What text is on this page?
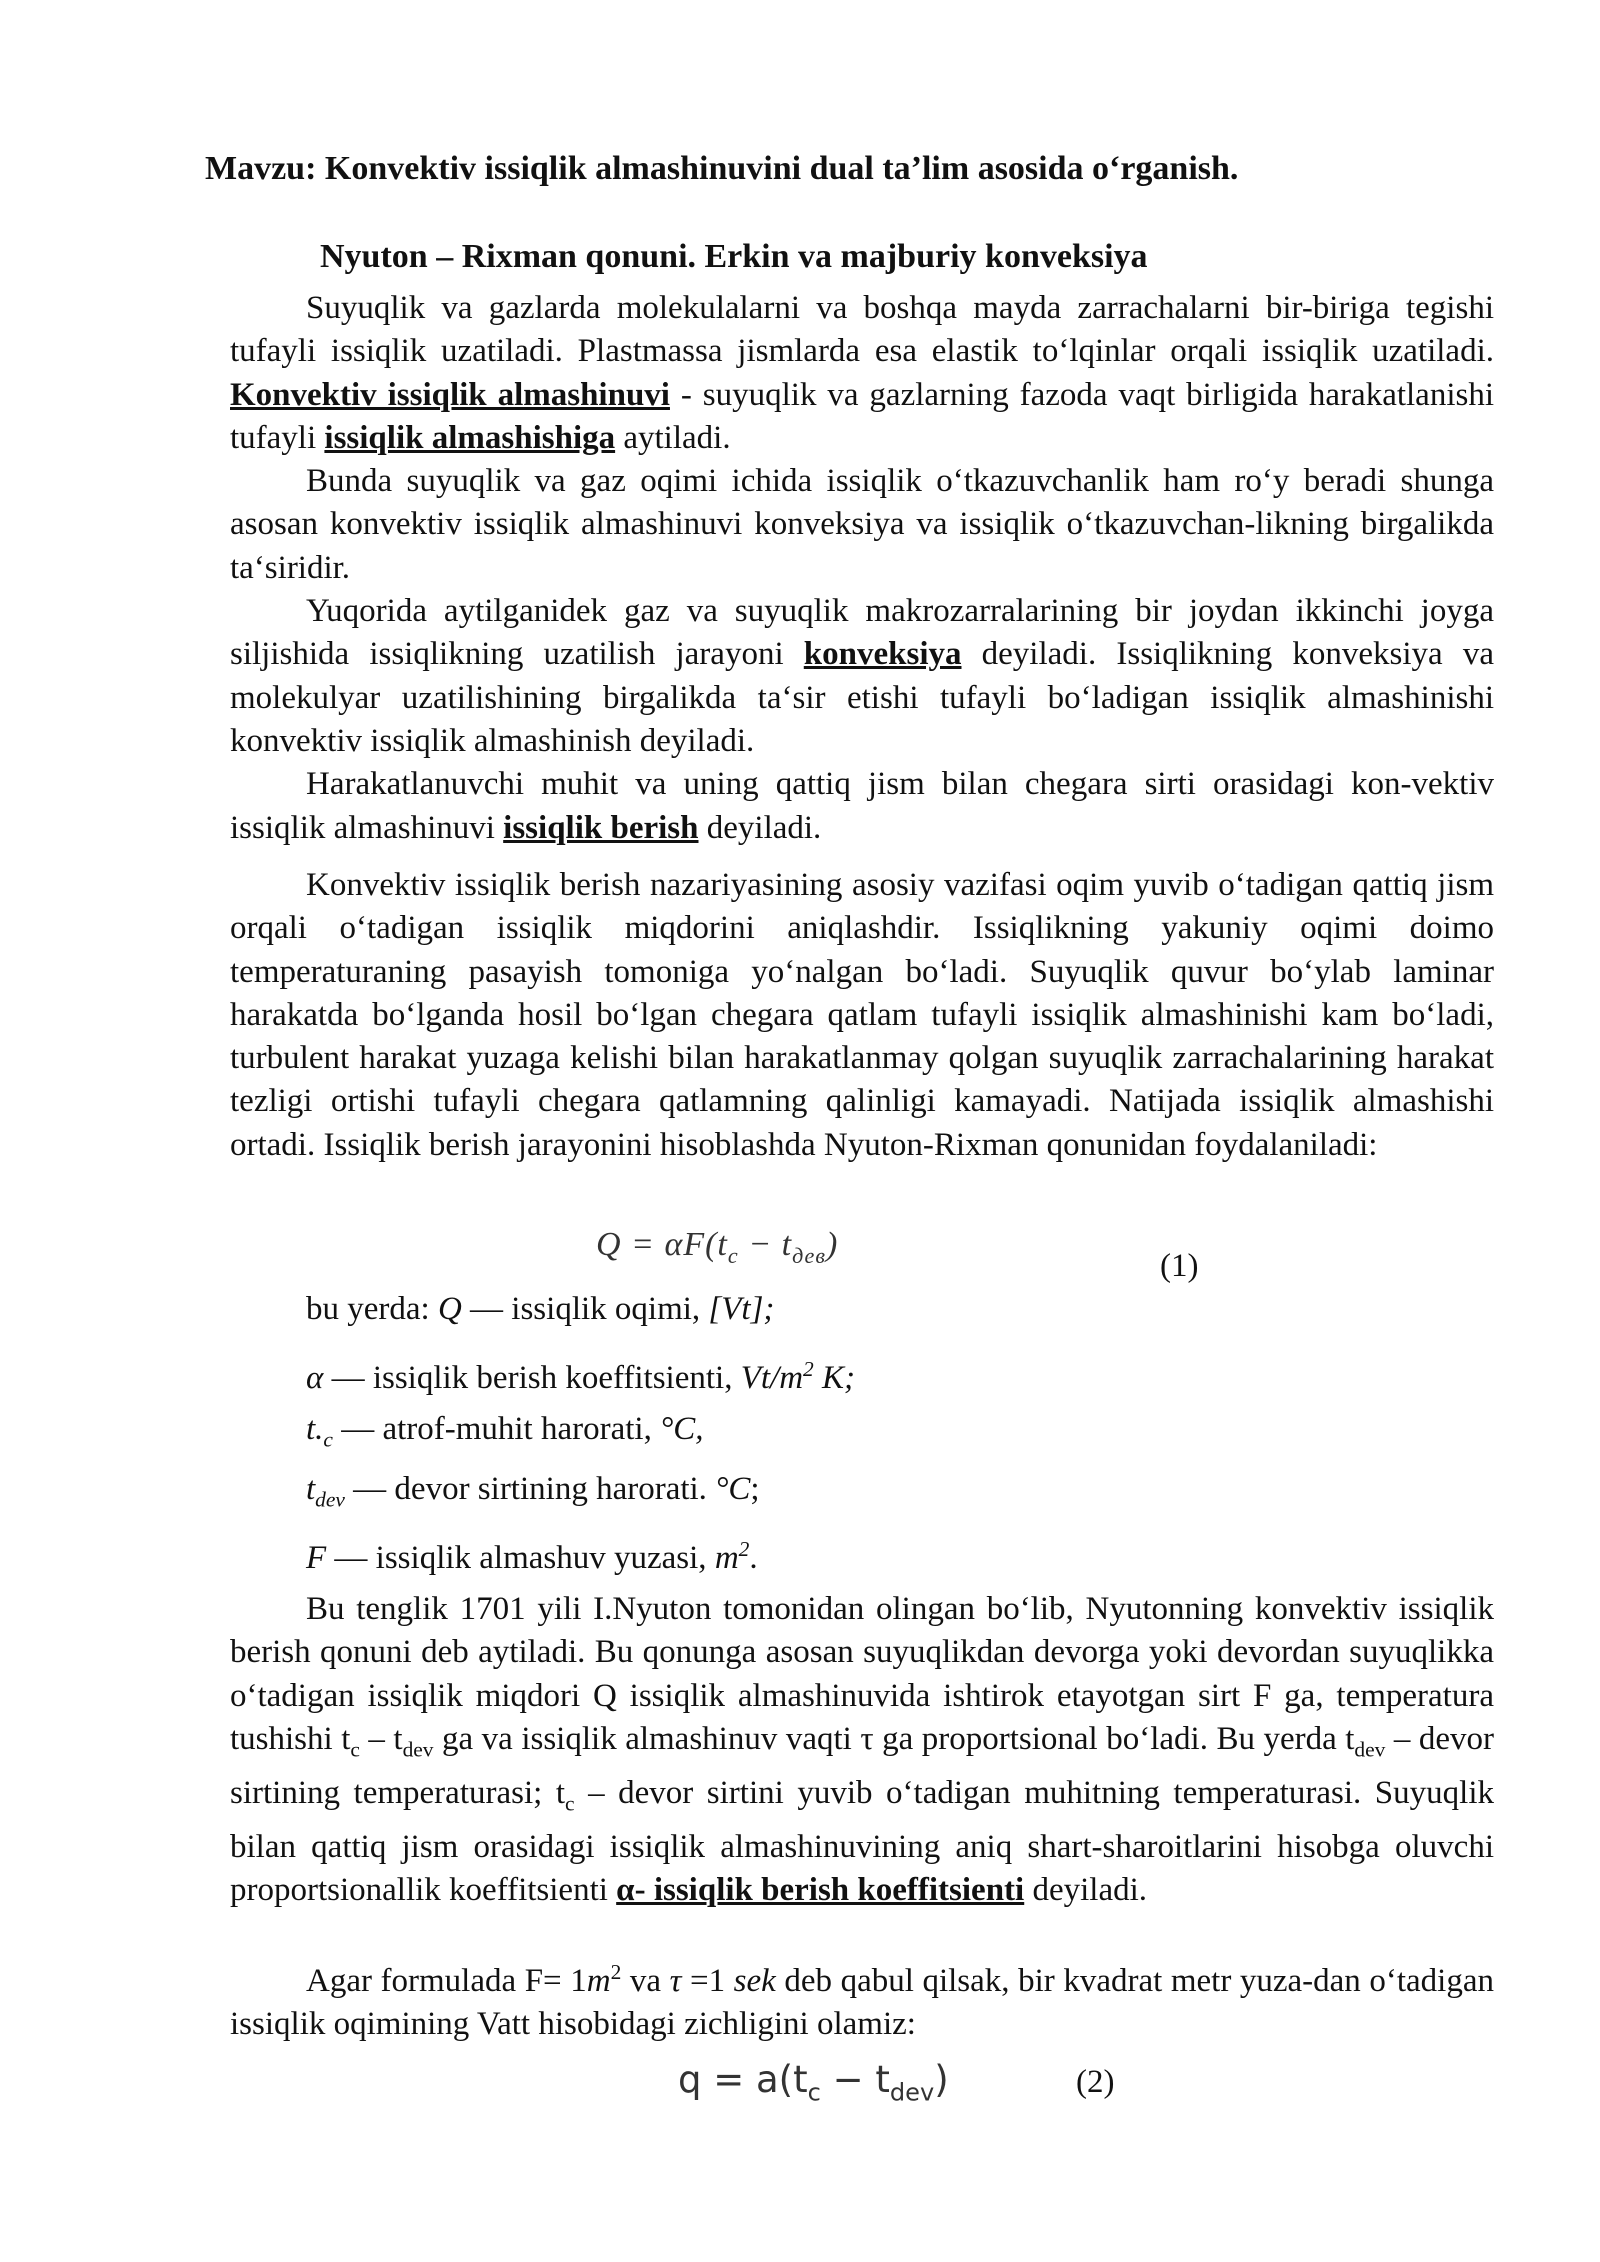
Mavzu: Konvektiv issiqlik almashinuvini dual ta’lim asosida o‘rganish.
Nyuton – Rixman qonuni. Erkin va majburiy konveksiya

Suyuqlik va gazlarda molekulalarni va boshqa mayda zarrachalarni bir-biriga tegishi tufayli issiqlik uzatiladi. Plastmassa jismlarda esa elastik to‘lqinlar orqali issiqlik uzatiladi. Konvektiv issiqlik almashinuvi - suyuqlik va gazlarning fazoda vaqt birligida harakatlanishi tufayli issiqlik almashishiga aytiladi.

Bunda suyuqlik va gaz oqimi ichida issiqlik o‘tkazuvchanlik ham ro‘y beradi shunga asosan konvektiv issiqlik almashinuvi konveksiya va issiqlik o‘tkazuvchan-likning birgalikda ta‘siridir.

Yuqorida aytilganidek gaz va suyuqlik makrozarralarining bir joydan ikkinchi joyga siljishida issiqlikning uzatilish jarayoni konveksiya deyiladi. Issiqlikning konveksiya va molekulyar uzatilishining birgalikda ta‘sir etishi tufayli bo‘ladigan issiqlik almashinishi konvektiv issiqlik almashinish deyiladi.

Harakatlanuvchi muhit va uning qattiq jism bilan chegara sirti orasidagi kon-vektiv issiqlik almashinuvi issiqlik berish deyiladi.

Konvektiv issiqlik berish nazariyasining asosiy vazifasi oqim yuvib o‘tadigan qattiq jism orqali o‘tadigan issiqlik miqdorini aniqlashdir. Issiqlikning yakuniy oqimi doimo temperaturaning pasayish tomoniga yo‘nalgan bo‘ladi. Suyuqlik quvur bo‘ylab laminar harakatda bo‘lganda hosil bo‘lgan chegara qatlam tufayli issiqlik almashinishi kam bo‘ladi, turbulent harakat yuzaga kelishi bilan harakatlanmay qolgan suyuqlik zarrachalarining harakat tezligi ortishi tufayli chegara qatlamning qalinligi kamayadi. Natijada issiqlik almashishi ortadi. Issiqlik berish jarayonini hisoblashda Nyuton-Rixman qonunidan foydalaniladi:

$Q = \alpha F(t_c - t_{дев})$
(1)
bu yerda: Q — issiqlik oqimi, [Vt];
α — issiqlik berish koeffitsienti, $Vt/m^2$ K;
$t._c$ — atrof-muhit harorati, °C,
$t_{dev}$ — devor sirtining harorati. °C;
F — issiqlik almashuv yuzasi, $m^2$.

Bu tenglik 1701 yili I.Nyuton tomonidan olingan bo‘lib, Nyutonning konvektiv issiqlik berish qonuni deb aytiladi. Bu qonunga asosan suyuqlikdan devorga yoki devordan suyuqlikka o‘tadigan issiqlik miqdori Q issiqlik almashinuvida ishtirok etayotgan sirt F ga, temperatura tushishi $t_c - t_{dev}$ ga va issiqlik almashinuv vaqti τ ga proportsional bo‘ladi. Bu yerda $t_{dev}$ – devor sirtining temperaturasi; $t_c$ – devor sirtini yuvib o‘tadigan muhitning temperaturasi. Suyuqlik bilan qattiq jism orasidagi issiqlik almashinuvining aniq shart-sharoitlarini hisobga oluvchi proportsionallik koeffitsienti α- issiqlik berish koeffitsienti deyiladi.

Agar formulada $F= 1m^2$ va τ =1 sek deb qabul qilsak, bir kvadrat metr yuza-dan o‘tadigan issiqlik oqimining Vatt hisobidagi zichligini olamiz:

$q = a(t_c - t_{dev})$	(2)
